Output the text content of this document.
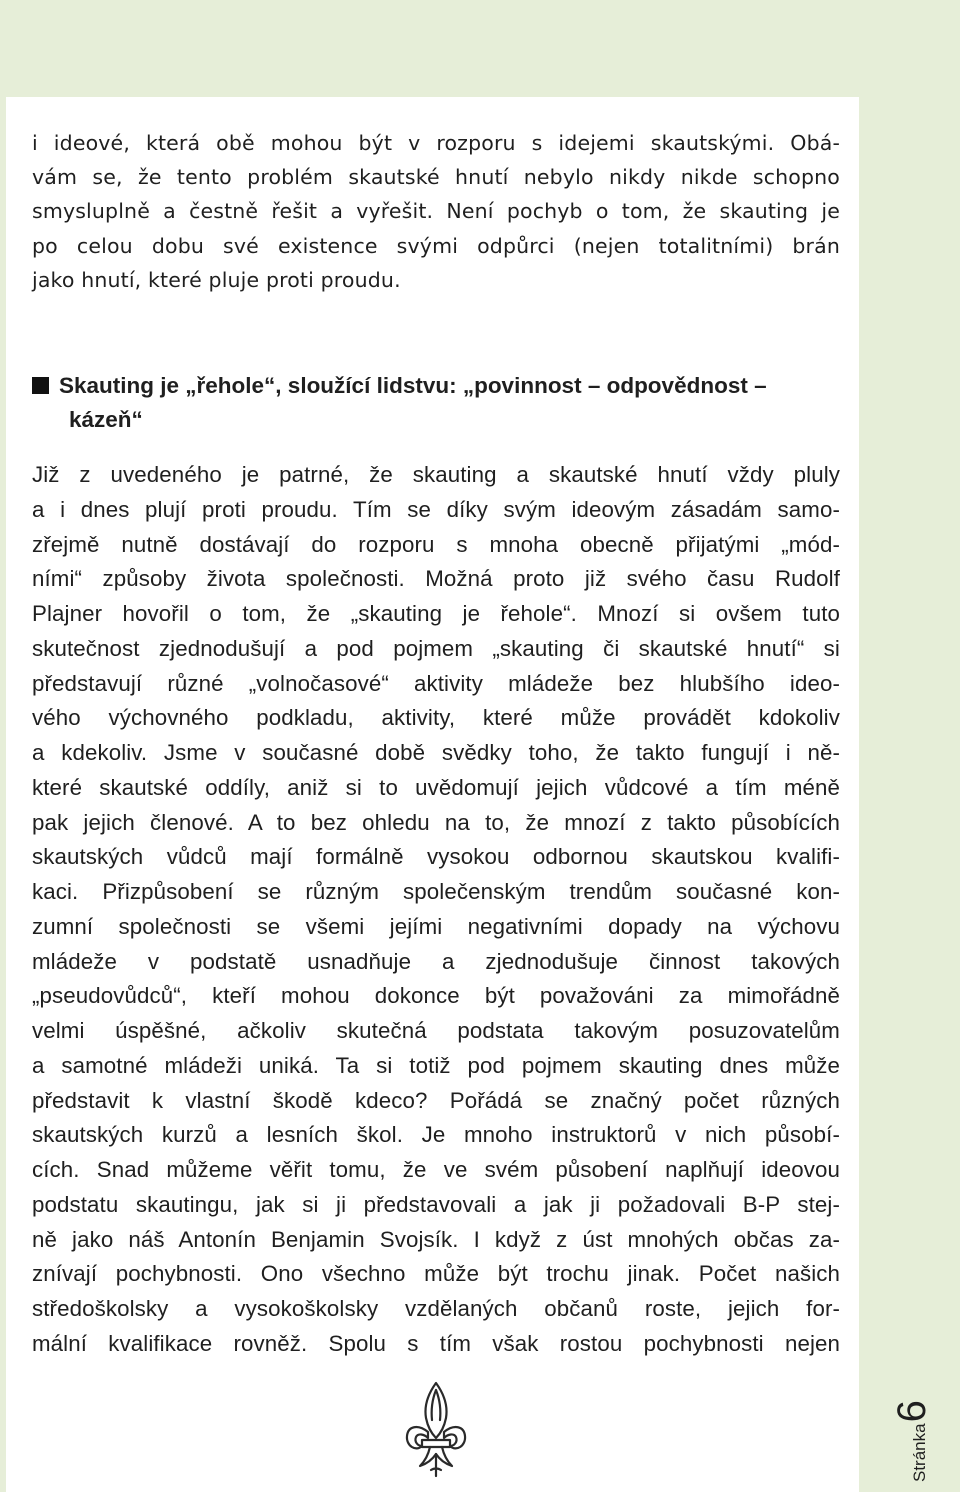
i ideové, která obě mohou být v rozporu s idejemi skautskými. Obá-
vám se, že tento problém skautské hnutí nebylo nikdy nikde schopno
smysluplně a čestně řešit a vyřešit. Není pochyb o tom, že skauting je
po celou dobu své existence svými odpůrci (nejen totalitními) brán
jako hnutí, které pluje proti proudu.
Skauting je „řehole“, sloužící lidstvu: „povinnost – odpovědnost –
kázeň“
Již z uvedeného je patrné, že skauting a skautské hnutí vždy pluly
a i dnes plují proti proudu. Tím se díky svým ideovým zásadám samo-
zřejmě nutně dostávají do rozporu s mnoha obecně přijatými „mód-
ními“ způsoby života společnosti. Možná proto již svého času Rudolf
Plajner hovořil o tom, že „skauting je řehole“. Mnozí si ovšem tuto
skutečnost zjednodušují a pod pojmem „skauting či skautské hnutí“ si
představují různé „volnočasové“ aktivity mládeže bez hlubšího ideo-
vého výchovného podkladu, aktivity, které může provádět kdokoliv
a kdekoliv. Jsme v současné době svědky toho, že takto fungují i ně-
které skautské oddíly, aniž si to uvědomují jejich vůdcové a tím méně
pak jejich členové. A to bez ohledu na to, že mnozí z takto působících
skautských vůdců mají formálně vysokou odbornou skautskou kvalifi-
kaci. Přizpůsobení se různým společenským trendům současné kon-
zumní společnosti se všemi jejími negativními dopady na výchovu
mládeže v podstatě usnadňuje a zjednodušuje činnost takových
„pseudovůdců“, kteří mohou dokonce být považováni za mimořádně
velmi úspěšné, ačkoliv skutečná podstata takovým posuzovatelům
a samotné mládeži uniká. Ta si totiž pod pojmem skauting dnes může
představit k vlastní škodě kdeco? Pořádá se značný počet různých
skautských kurzů a lesních škol. Je mnoho instruktorů v nich působí-
cích. Snad můžeme věřit tomu, že ve svém působení naplňují ideovou
podstatu skautingu, jak si ji představovali a jak ji požadovali B-P stej-
ně jako náš Antonín Benjamin Svojsík. I když z úst mnohých občas za-
znívají pochybnosti. Ono všechno může být trochu jinak. Počet našich
středoškolsky a vysokoškolsky vzdělaných občanů roste, jejich for-
mální kvalifikace rovněž. Spolu s tím však rostou pochybnosti nejen
Stránka6
